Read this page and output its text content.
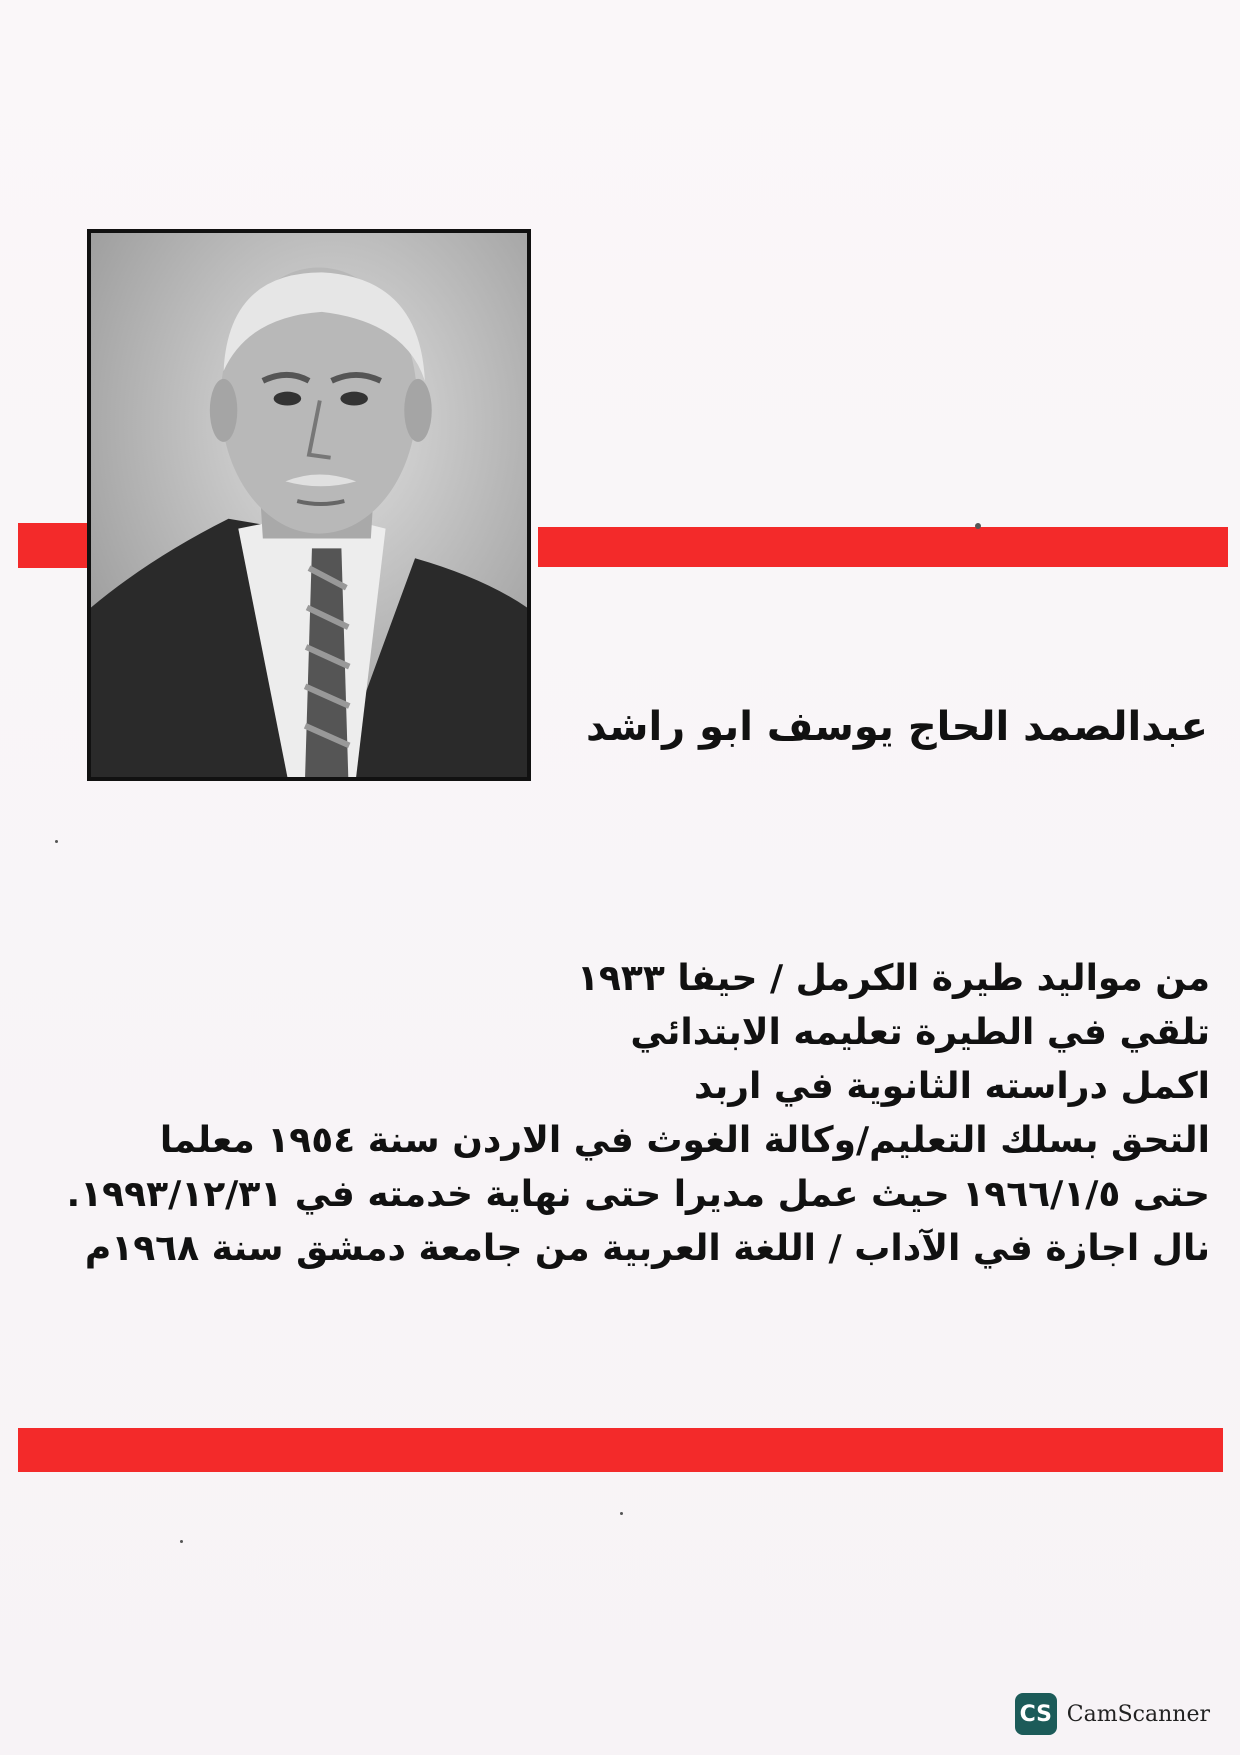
عبدالصمد الحاج يوسف ابو راشد
من مواليد طيرة الكرمل / حيفا ١٩٣٣
تلقي في الطيرة تعليمه الابتدائي
اكمل دراسته الثانوية في اربد
التحق بسلك التعليم/وكالة الغوث في الاردن سنة ١٩٥٤ معلما
حتى ١٩٦٦/١/٥ حيث عمل مديرا حتى نهاية خدمته في ١٩٩٣/١٢/٣١.
نال اجازة في الآداب / اللغة العربية من جامعة دمشق سنة ١٩٦٨م
CS CamScanner
